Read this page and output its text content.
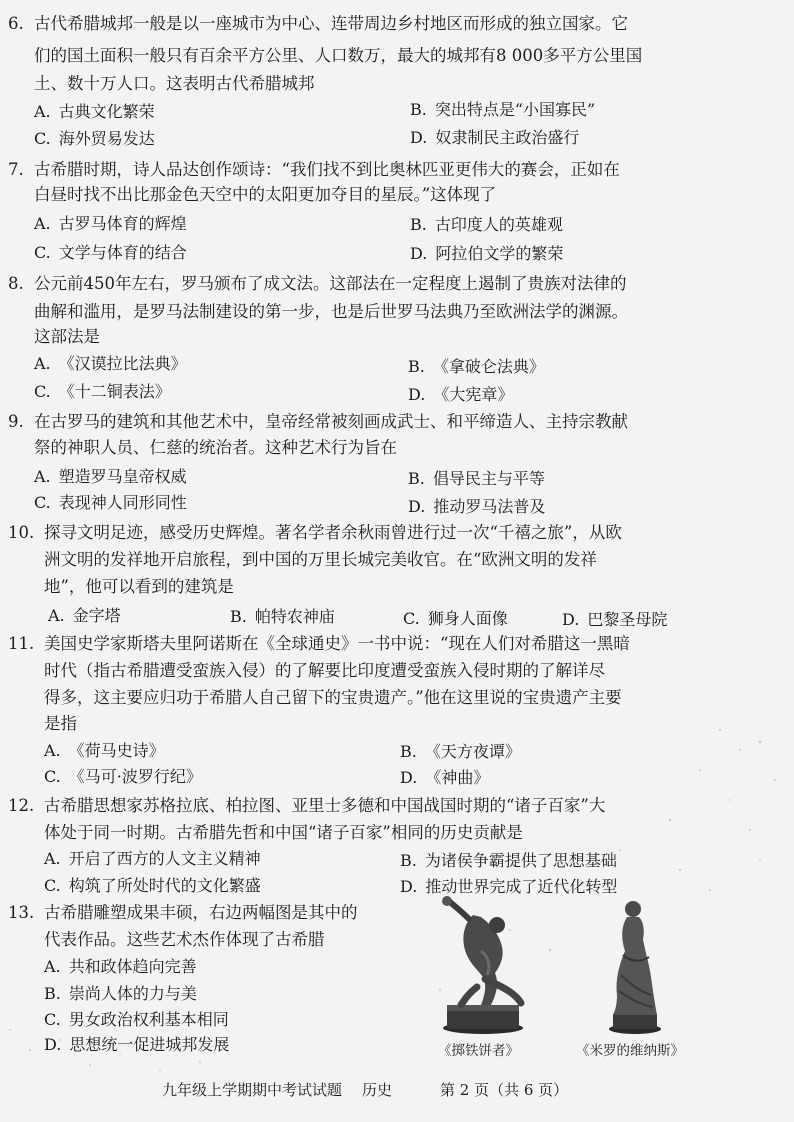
6. 古代希腊城邦一般是以一座城市为中心、连带周边乡村地区而形成的独立国家。它
们的国土面积一般只有百余平方公里、人口数万，最大的城邦有8 000多平方公里国
土、数十万人口。这表明古代希腊城邦
A. 古典文化繁荣	B. 突出特点是“小国寡民”
C. 海外贸易发达	D. 奴隶制民主政治盛行
7. 古希腊时期，诗人品达创作颂诗：“我们找不到比奥林匹亚更伟大的赛会，正如在
白昼时找不出比那金色天空中的太阳更加夺目的星辰。”这体现了
A. 古罗马体育的辉煌	B. 古印度人的英雄观
C. 文学与体育的结合	D. 阿拉伯文学的繁荣
8. 公元前450年左右，罗马颁布了成文法。这部法在一定程度上遏制了贵族对法律的
曲解和滥用，是罗马法制建设的第一步，也是后世罗马法典乃至欧洲法学的渊源。
这部法是
A. 《汉谟拉比法典》	B. 《拿破仑法典》
C. 《十二铜表法》	D. 《大宪章》
9. 在古罗马的建筑和其他艺术中，皇帝经常被刻画成武士、和平缔造人、主持宗教献
祭的神职人员、仁慈的统治者。这种艺术行为旨在
A. 塑造罗马皇帝权威	B. 倡导民主与平等
C. 表现神人同形同性	D. 推动罗马法普及
10. 探寻文明足迹，感受历史辉煌。著名学者余秋雨曾进行过一次“千禧之旅”，从欧
洲文明的发祥地开启旅程，到中国的万里长城完美收官。在“欧洲文明的发祥
地”，他可以看到的建筑是
A. 金字塔	B. 帕特农神庙	C. 狮身人面像	D. 巴黎圣母院
11. 美国史学家斯塔夫里阿诺斯在《全球通史》一书中说：“现在人们对希腊这一黑暗
时代（指古希腊遭受蛮族入侵）的了解要比印度遭受蛮族入侵时期的了解详尽
得多，这主要应归功于希腊人自己留下的宝贵遗产。”他在这里说的宝贵遗产主要
是指
A. 《荷马史诗》	B. 《天方夜谭》
C. 《马可·波罗行纪》	D. 《神曲》
12. 古希腊思想家苏格拉底、柏拉图、亚里士多德和中国战国时期的“诸子百家”大
体处于同一时期。古希腊先哲和中国“诸子百家”相同的历史贡献是
A. 开启了西方的人文主义精神	B. 为诸侯争霸提供了思想基础
C. 构筑了所处时代的文化繁盛	D. 推动世界完成了近代化转型
13. 古希腊雕塑成果丰硕，右边两幅图是其中的
代表作品。这些艺术杰作体现了古希腊
A. 共和政体趋向完善
B. 崇尚人体的力与美
C. 男女政治权利基本相同
D. 思想统一促进城邦发展	《掷铁饼者》	《米罗的维纳斯》
九年级上学期期中考试试题 历史	第 2 页（共 6 页）
